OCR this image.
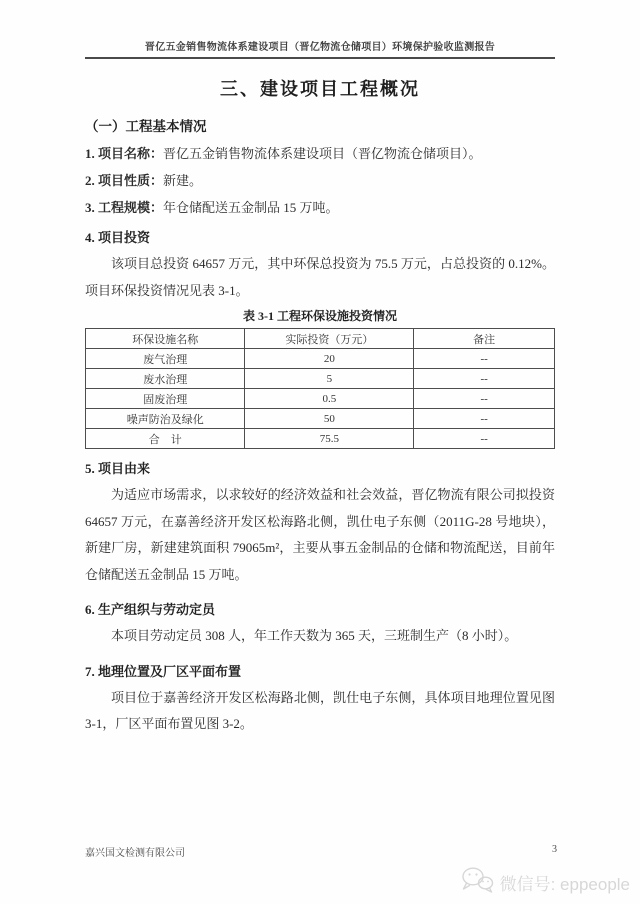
晋亿五金销售物流体系建设项目（晋亿物流仓储项目）环境保护验收监测报告
三、建设项目工程概况
（一）工程基本情况

1. 项目名称：晋亿五金销售物流体系建设项目（晋亿物流仓储项目）。

2. 项目性质：新建。

3. 工程规模：年仓储配送五金制品 15 万吨。

4. 项目投资

该项目总投资 64657 万元，其中环保总投资为 75.5 万元，占总投资的 0.12%。项目环保投资情况见表 3-1。

表 3-1 工程环保设施投资情况

环保设施名称	实际投资（万元）	备注
废气治理	20	--
废水治理	5	--
固废治理	0.5	--
噪声防治及绿化	50	--
合　计	75.5	--
5. 项目由来

为适应市场需求，以求较好的经济效益和社会效益，晋亿物流有限公司拟投资 64657 万元，在嘉善经济开发区松海路北侧，凯仕电子东侧（2011G-28 号地块），新建厂房，新建建筑面积 79065m²，主要从事五金制品的仓储和物流配送，目前年仓储配送五金制品 15 万吨。

6. 生产组织与劳动定员

本项目劳动定员 308 人，年工作天数为 365 天，三班制生产（8 小时）。

7. 地理位置及厂区平面布置

项目位于嘉善经济开发区松海路北侧，凯仕电子东侧，具体项目地理位置见图 3-1，厂区平面布置见图 3-2。

嘉兴国文检测有限公司	3
微信号: eppeople
